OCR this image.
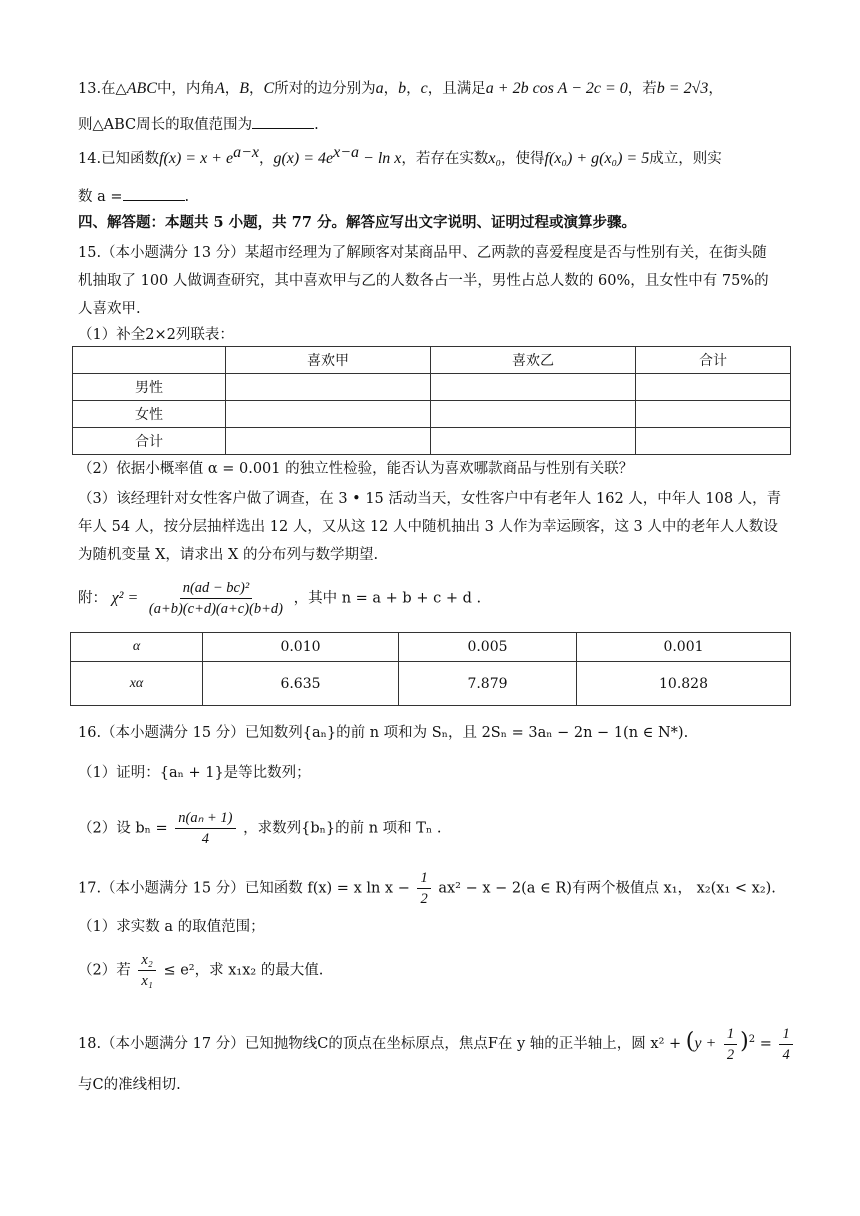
13.在△ABC中，内角A，B，C所对的边分别为a，b，c，且满足a + 2b cos A − 2c = 0，若b = 2√3，
则△ABC周长的取值范围为	.
14.已知函数$f(x) = x + e^{a-x}$，$g(x) = 4e^{x-a} - \ln x$，若存在实数x₀，使得f(x₀) + g(x₀) = 5成立，则实
数 a =	.
四、解答题：本题共 5 小题，共 77 分。解答应写出文字说明、证明过程或演算步骤。
15.（本小题满分 13 分）某超市经理为了解顾客对某商品甲、乙两款的喜爱程度是否与性别有关，在街头随
机抽取了 100 人做调查研究，其中喜欢甲与乙的人数各占一半，男性占总人数的 60%，且女性中有 75%的
人喜欢甲.
（1）补全2×2列联表：
	喜欢甲	喜欢乙	合计
男性			
女性			
合计			
（2）依据小概率值 α = 0.001 的独立性检验，能否认为喜欢哪款商品与性别有关联？
（3）该经理针对女性客户做了调查，在 3 • 15 活动当天，女性客户中有老年人 162 人，中年人 108 人，青
年人 54 人，按分层抽样选出 12 人，又从这 12 人中随机抽出 3 人作为幸运顾客，这 3 人中的老年人人数设
为随机变量 X，请求出 X 的分布列与数学期望.
附： $\chi^2 = \frac{\text{n(ad − bc)²}}{(a+b)(c+d)(a+c)(b+d)}$ ，其中 n = a + b + c + d .
α	0.010	0.005	0.001
xα	6.635	7.879	10.828
16.（本小题满分 15 分）已知数列{aₙ}的前 n 项和为 Sₙ，且 2Sₙ = 3aₙ − 2n − 1(n ∈ N*).
（1）证明：{aₙ + 1}是等比数列；
（2）设 $b_n = \frac{\text{n(aₙ + 1)}}{4}$ ，求数列{bₙ}的前 n 项和 Tₙ .
17.（本小题满分 15 分）已知函数 f(x) = x $\ln x - \frac{1}{2} ax^2 - x - 2(a$ ∈ R)有两个极值点 x₁， x₂(x₁ < x₂).
（1）求实数 a 的取值范围；
（2）若 $\frac{\text{x₂}}{\text{x₁}} \le e^2$，求 x₁x₂ 的最大值.
18.（本小题满分 17 分）已知抛物线C的顶点在坐标原点，焦点F在 y 轴的正半轴上，圆 $x^2 + (y + \frac{1}{2} )^2 = \frac{1}{4}$
与C的准线相切.
